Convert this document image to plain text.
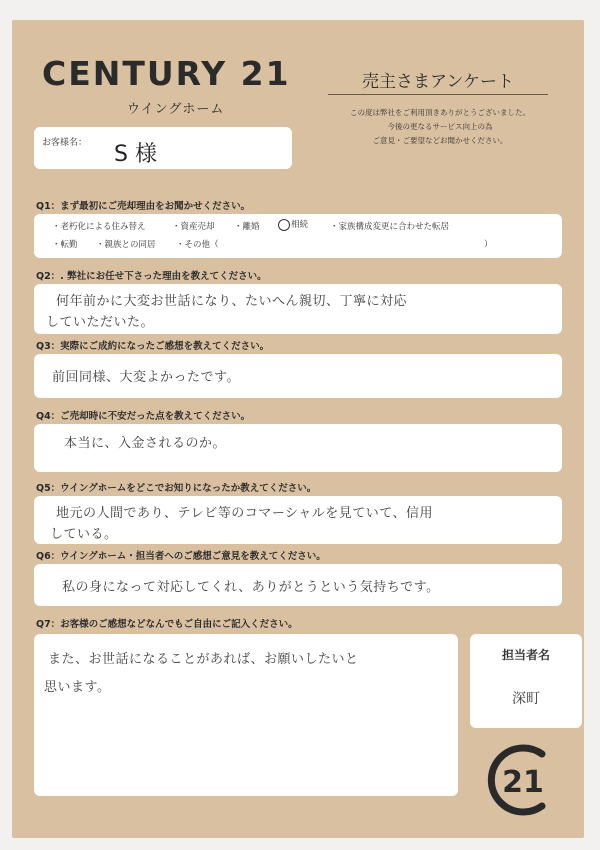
CENTURY 21
ウイングホーム
売主さまアンケート
この度は弊社をご利用頂きありがとうございました。
今後の更なるサービス向上の為
ご意見・ご要望などお聞かせください。
お客様名： S 様
Q1：まず最初にご売却理由をお聞かせください。
・老朽化による住み替え	・資産売却 ・離婚	相続	・家族構成変更に合わせた転居
・転勤 ・親族との同居 ・その他（	）
Q2：. 弊社にお任せ下さった理由を教えてください。
何年前かに大変お世話になり、たいへん親切、丁寧に対応
していただいた。
Q3：実際にご成約になったご感想を教えてください。
前回同様、大変よかったです。
Q4：ご売却時に不安だった点を教えてください。
本当に、入金されるのか。
Q5：ウイングホームをどこでお知りになったか教えてください。
地元の人間であり、テレビ等のコマーシャルを見ていて、信用
している。
Q6：ウイングホーム・担当者へのご感想ご意見を教えてください。
私の身になって対応してくれ、ありがとうという気持ちです。
Q7：お客様のご感想などなんでもご自由にご記入ください。
また、お世話になることがあれば、お願いしたいと
思います。
担当者名
深町
21
